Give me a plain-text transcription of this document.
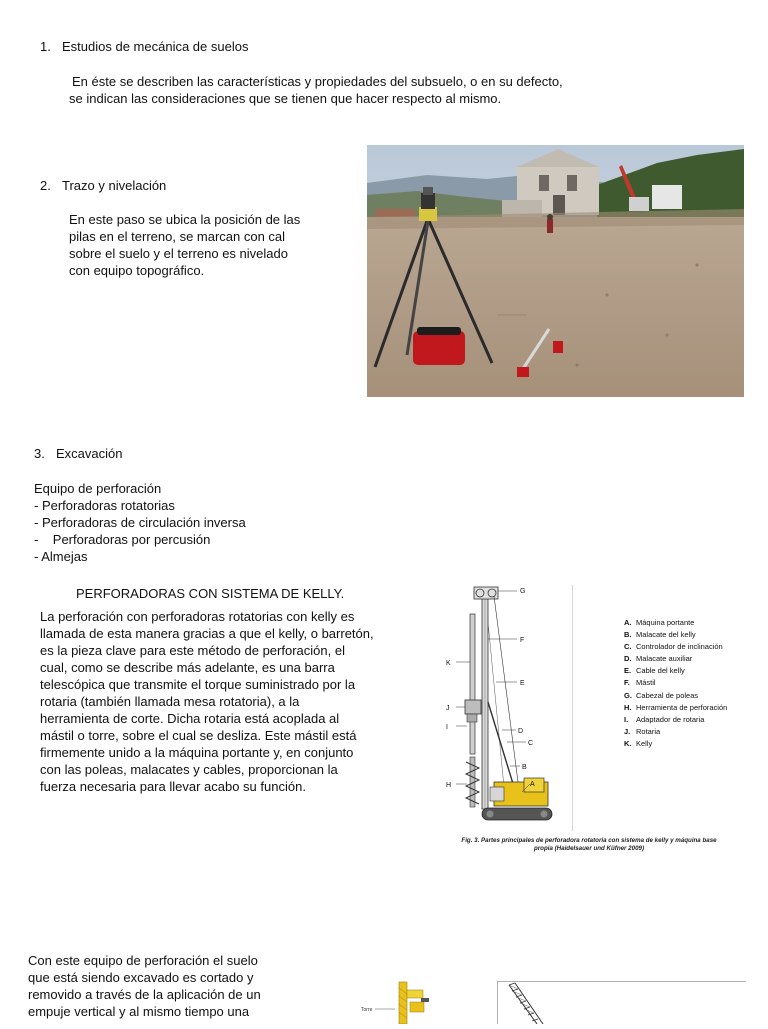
1. Estudios de mecánica de suelos

En éste se describen las características y propiedades del subsuelo, o en su defecto,

se indican las consideraciones que se tienen que hacer respecto al mismo.

2. Trazo y nivelación

En este paso se ubica la posición de las

pilas en el terreno, se marcan con cal

sobre el suelo y el terreno es nivelado

con equipo topográfico.

3. Excavación

Equipo de perforación

- Perforadoras rotatorias

- Perforadoras de circulación inversa

-    Perforadoras por percusión

- Almejas

PERFORADORAS CON SISTEMA DE KELLY.

La perforación con perforadoras rotatorias con kelly es

llamada de esta manera gracias a que el kelly, o barretón,

es la pieza clave para este método de perforación, el

cual, como se describe más adelante, es una barra

telescópica que transmite el torque suministrado por la

rotaria (también llamada mesa rotatoria), a la

herramienta de corte. Dicha rotaria está acoplada al

mástil o torre, sobre el cual se desliza. Este mástil está

firmemente unido a la máquina portante y, en conjunto

con las poleas, malacates y cables, proporcionan la

fuerza necesaria para llevar acabo su función.

G
F
K
E
J
I
D
C
B
H	A
A. Máquina portante
B. Malacate del kelly
C. Controlador de inclinación
D. Malacate auxiliar
E. Cable del kelly
F. Mástil
G. Cabezal de poleas
H. Herramienta de perforación
I. Adaptador de rotaria
J. Rotaria
K. Kelly
Fig. 3. Partes principales de perforadora rotatoria con sistema de kelly y máquina base
propia (Haidelsauer und Küfner 2009)

Con este equipo de perforación el suelo

que está siendo excavado es cortado y

removido a través de la aplicación de un

empuje vertical y al mismo tiempo una	Torre
